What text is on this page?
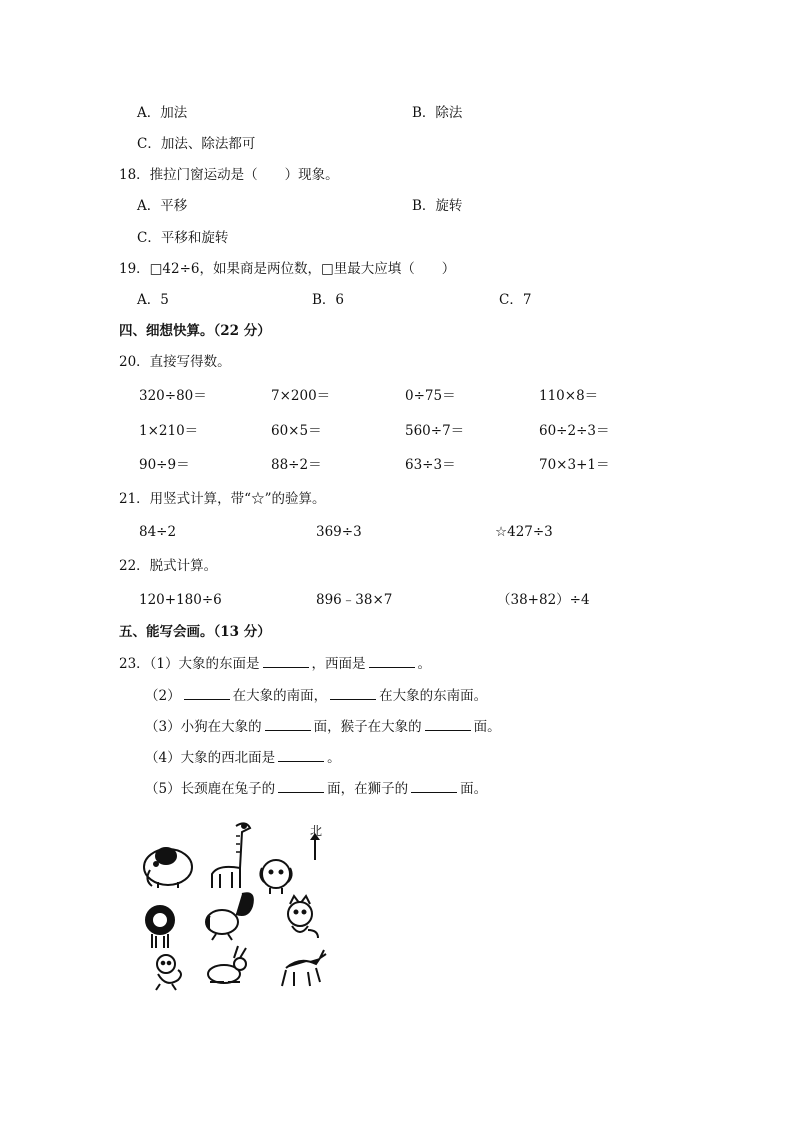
A．加法	B．除法
C．加法、除法都可
18．推拉门窗运动是（　　）现象。
A．平移	B．旋转
C．平移和旋转
19．□42÷6，如果商是两位数，□里最大应填（　　）
A．5	B．6	C．7
四、细想快算。（22 分）
20．直接写得数。
320÷80＝	7×200＝	0÷75＝	110×8＝
1×210＝	60×5＝	560÷7＝	60÷2÷3＝
90÷9＝	88÷2＝	63÷3＝	70×3+1＝
21．用竖式计算，带“☆”的验算。
84÷2	369÷3	☆427÷3
22．脱式计算。
120+180÷6	896﹣38×7	（38+82）÷4
五、能写会画。（13 分）
23．（1）大象的东面是	，西面是	。
（2）	在大象的南面，	在大象的东南面。
（3）小狗在大象的	面，猴子在大象的	面。
（4）大象的西北面是	。
（5）长颈鹿在兔子的	面，在狮子的	面。
北
